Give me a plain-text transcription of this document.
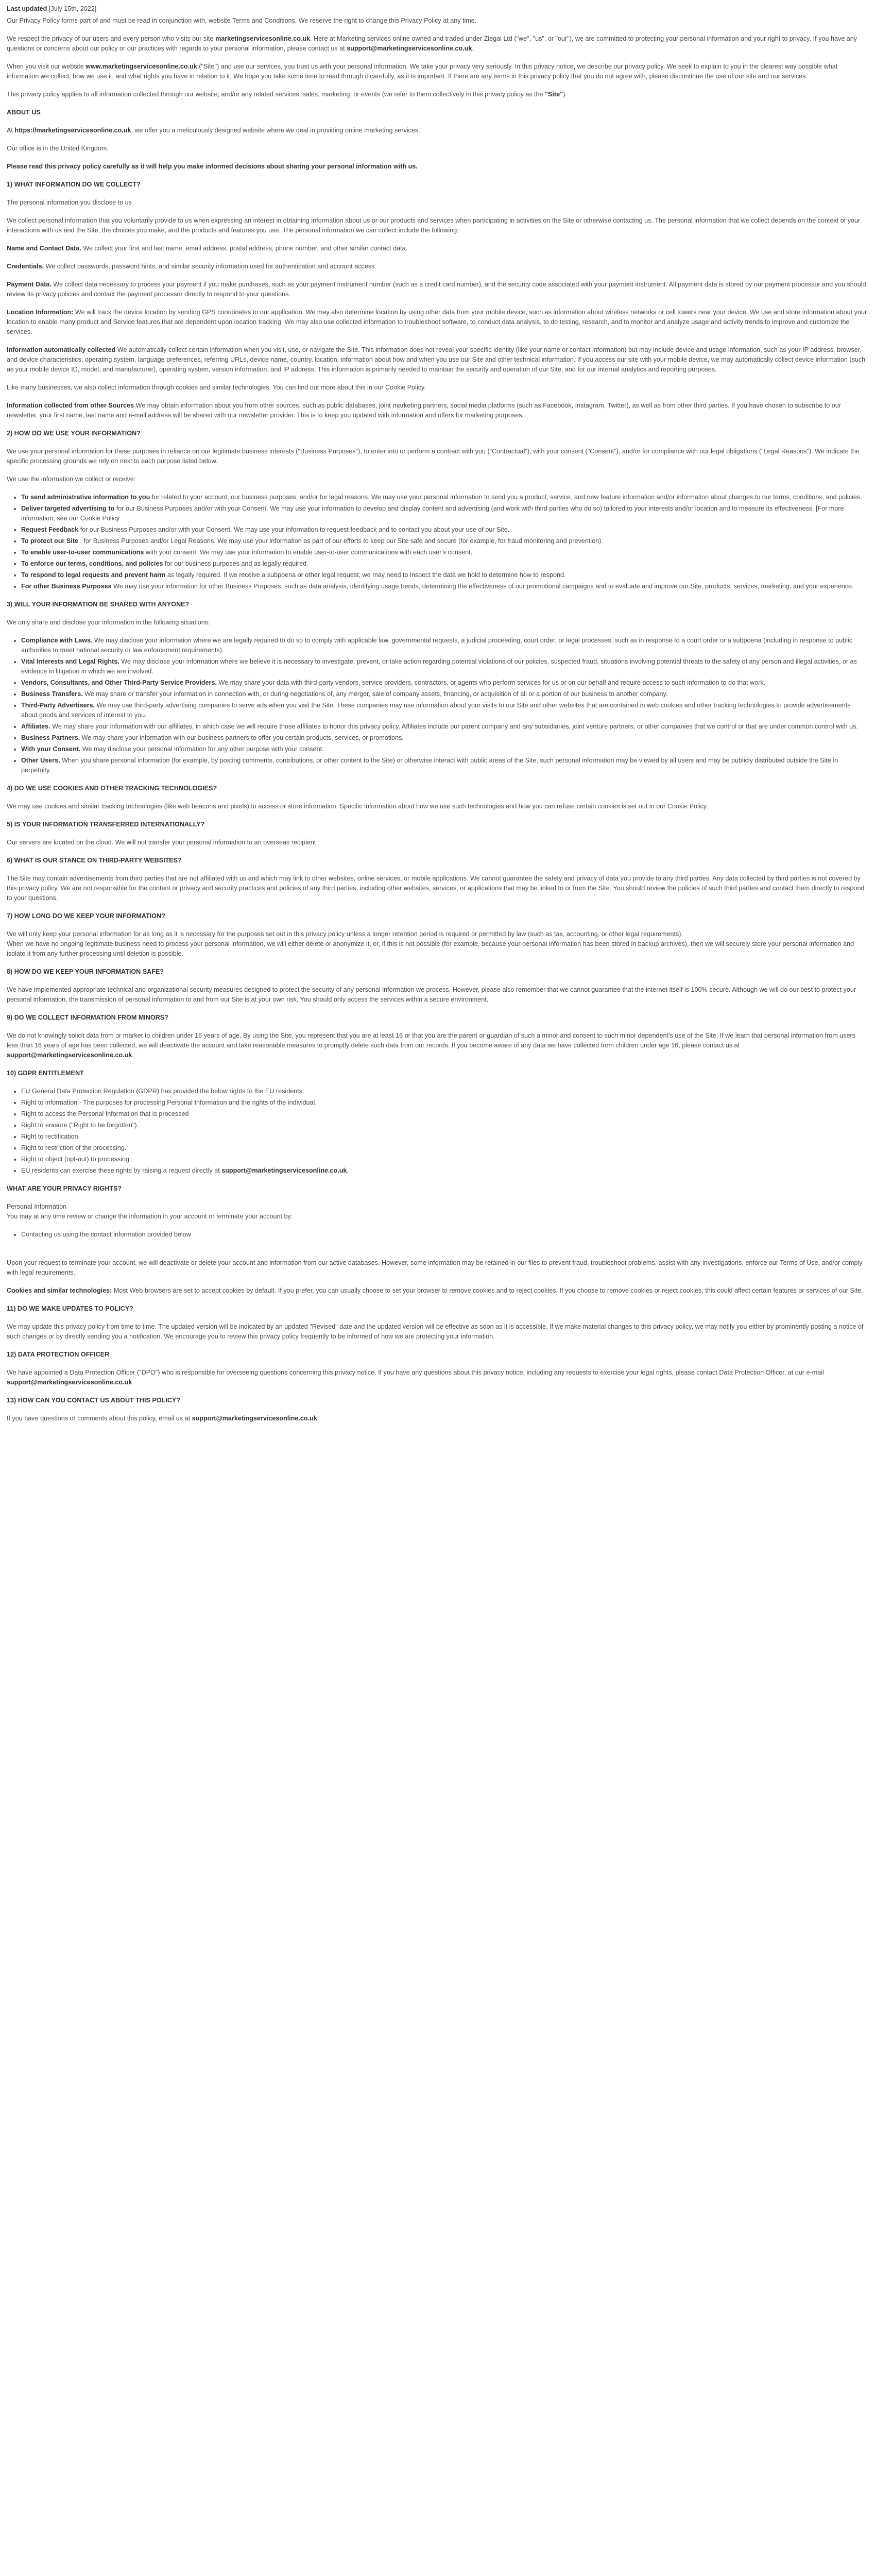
Last updated [July 15th, 2022]

Our Privacy Policy forms part of and must be read in conjunction with, website Terms and Conditions. We reserve the right to change this Privacy Policy at any time.

We respect the privacy of our users and every person who visits our site marketingservicesonline.co.uk. Here at Marketing services online owned and traded under Ziegal Ltd ("we", "us", or "our"), we are committed to protecting your personal information and your right to privacy. If you have any questions or concerns about our policy or our practices with regards to your personal information, please contact us at support@marketingservicesonline.co.uk.

When you visit our website www.marketingservicesonline.co.uk ("Site") and use our services, you trust us with your personal information. We take your privacy very seriously. In this privacy notice, we describe our privacy policy. We seek to explain to you in the clearest way possible what information we collect, how we use it, and what rights you have in relation to it. We hope you take some time to read through it carefully, as it is important. If there are any terms in this privacy policy that you do not agree with, please discontinue the use of our site and our services.

This privacy policy applies to all information collected through our website, and/or any related services, sales, marketing, or events (we refer to them collectively in this privacy policy as the "Site").

ABOUT US

At https://marketingservicesonline.co.uk, we offer you a meticulously designed website where we deal in providing online marketing services.

Our office is in the United Kingdom.

Please read this privacy policy carefully as it will help you make informed decisions about sharing your personal information with us.

1) WHAT INFORMATION DO WE COLLECT?

The personal information you disclose to us

We collect personal information that you voluntarily provide to us when expressing an interest in obtaining information about us or our products and services when participating in activities on the Site or otherwise contacting us. The personal information that we collect depends on the context of your interactions with us and the Site, the choices you make, and the products and features you use. The personal information we can collect include the following:

Name and Contact Data. We collect your first and last name, email address, postal address, phone number, and other similar contact data.

Credentials. We collect passwords, password hints, and similar security information used for authentication and account access.

Payment Data. We collect data necessary to process your payment if you make purchases, such as your payment instrument number (such as a credit card number), and the security code associated with your payment instrument. All payment data is stored by our payment processor and you should review its privacy policies and contact the payment processor directly to respond to your questions.

Location Information: We will track the device location by sending GPS coordinates to our application. We may also determine location by using other data from your mobile device, such as information about wireless networks or cell towers near your device. We use and store information about your location to enable many product and Service features that are dependent upon location tracking. We may also use collected information to troubleshoot software, to conduct data analysis, to do testing, research, and to monitor and analyze usage and activity trends to improve and customize the services.

Information automatically collected We automatically collect certain information when you visit, use, or navigate the Site. This information does not reveal your specific identity (like your name or contact information) but may include device and usage information, such as your IP address, browser, and device characteristics, operating system, language preferences, referring URLs, device name, country, location, information about how and when you use our Site and other technical information. If you access our site with your mobile device, we may automatically collect device information (such as your mobile device ID, model, and manufacturer), operating system, version information, and IP address. This information is primarily needed to maintain the security and operation of our Site, and for our internal analytics and reporting purposes.

Like many businesses, we also collect information through cookies and similar technologies. You can find out more about this in our Cookie Policy.

Information collected from other Sources We may obtain information about you from other sources, such as public databases, joint marketing partners, social media platforms (such as Facebook, Instagram, Twitter), as well as from other third parties. If you have chosen to subscribe to our newsletter, your first name, last name and e-mail address will be shared with our newsletter provider. This is to keep you updated with information and offers for marketing purposes.

2) HOW DO WE USE YOUR INFORMATION?

We use your personal information for these purposes in reliance on our legitimate business interests ("Business Purposes"), to enter into or perform a contract with you ("Contractual"), with your consent ("Consent"), and/or for compliance with our legal obligations ("Legal Reasons"). We indicate the specific processing grounds we rely on next to each purpose listed below.

We use the information we collect or receive:

• To send administrative information to you for related to your account, our business purposes, and/or for legal reasons. We may use your personal information to send you a product, service, and new feature information and/or information about changes to our terms, conditions, and policies.
• Deliver targeted advertising to for our Business Purposes and/or with your Consent. We may use your information to develop and display content and advertising (and work with third parties who do so) tailored to your interests and/or location and to measure its effectiveness. [For more information, see our Cookie Policy
• Request Feedback for our Business Purposes and/or with your Consent. We may use your information to request feedback and to contact you about your use of our Site.
• To protect our Site , for Business Purposes and/or Legal Reasons. We may use your information as part of our efforts to keep our Site safe and secure (for example, for fraud monitoring and prevention).
• To enable user-to-user communications with your consent. We may use your information to enable user-to-user communications with each user's consent.
• To enforce our terms, conditions, and policies for our business purposes and as legally required.
• To respond to legal requests and prevent harm as legally required. If we receive a subpoena or other legal request, we may need to inspect the data we hold to determine how to respond.
• For other Business Purposes We may use your information for other Business Purposes, such as data analysis, identifying usage trends, determining the effectiveness of our promotional campaigns and to evaluate and improve our Site, products, services, marketing, and your experience.
3) WILL YOUR INFORMATION BE SHARED WITH ANYONE?

We only share and disclose your information in the following situations:

• Compliance with Laws. We may disclose your information where we are legally required to do so to comply with applicable law, governmental requests, a judicial proceeding, court order, or legal processes, such as in response to a court order or a subpoena (including in response to public authorities to meet national security or law enforcement requirements).
• Vital Interests and Legal Rights. We may disclose your information where we believe it is necessary to investigate, prevent, or take action regarding potential violations of our policies, suspected fraud, situations involving potential threats to the safety of any person and illegal activities, or as evidence in litigation in which we are involved.
• Vendors, Consultants, and Other Third-Party Service Providers. We may share your data with third-party vendors, service providers, contractors, or agents who perform services for us or on our behalf and require access to such information to do that work.
• Business Transfers. We may share or transfer your information in connection with, or during negotiations of, any merger, sale of company assets, financing, or acquisition of all or a portion of our business to another company.
• Third-Party Advertisers. We may use third-party advertising companies to serve ads when you visit the Site. These companies may use information about your visits to our Site and other websites that are contained in web cookies and other tracking technologies to provide advertisements about goods and services of interest to you.
• Affiliates. We may share your information with our affiliates, in which case we will require those affiliates to honor this privacy policy. Affiliates include our parent company and any subsidiaries, joint venture partners, or other companies that we control or that are under common control with us.
• Business Partners. We may share your information with our business partners to offer you certain products, services, or promotions.
• With your Consent. We may disclose your personal information for any other purpose with your consent.
• Other Users. When you share personal information (for example, by posting comments, contributions, or other content to the Site) or otherwise interact with public areas of the Site, such personal information may be viewed by all users and may be publicly distributed outside the Site in perpetuity.
4) DO WE USE COOKIES AND OTHER TRACKING TECHNOLOGIES?

We may use cookies and similar tracking technologies (like web beacons and pixels) to access or store information. Specific information about how we use such technologies and how you can refuse certain cookies is set out in our Cookie Policy.

5) IS YOUR INFORMATION TRANSFERRED INTERNATIONALLY?

Our servers are located on the cloud. We will not transfer your personal information to an overseas recipient

6) WHAT IS OUR STANCE ON THIRD-PARTY WEBSITES?

The Site may contain advertisements from third parties that are not affiliated with us and which may link to other websites, online services, or mobile applications. We cannot guarantee the safety and privacy of data you provide to any third parties. Any data collected by third parties is not covered by this privacy policy. We are not responsible for the content or privacy and security practices and policies of any third parties, including other websites, services, or applications that may be linked to or from the Site. You should review the policies of such third parties and contact them directly to respond to your questions.

7) HOW LONG DO WE KEEP YOUR INFORMATION?

We will only keep your personal information for as long as it is necessary for the purposes set out in this privacy policy unless a longer retention period is required or permitted by law (such as tax, accounting, or other legal requirements).

When we have no ongoing legitimate business need to process your personal information, we will either delete or anonymize it, or, if this is not possible (for example, because your personal information has been stored in backup archives), then we will securely store your personal information and isolate it from any further processing until deletion is possible.

8) HOW DO WE KEEP YOUR INFORMATION SAFE?

We have implemented appropriate technical and organizational security measures designed to protect the security of any personal information we process. However, please also remember that we cannot guarantee that the internet itself is 100% secure. Although we will do our best to protect your personal information, the transmission of personal information to and from our Site is at your own risk. You should only access the services within a secure environment.

9) DO WE COLLECT INFORMATION FROM MINORS?

We do not knowingly solicit data from or market to children under 16 years of age. By using the Site, you represent that you are at least 16 or that you are the parent or guardian of such a minor and consent to such minor dependent's use of the Site. If we learn that personal information from users less than 16 years of age has been collected, we will deactivate the account and take reasonable measures to promptly delete such data from our records. If you become aware of any data we have collected from children under age 16, please contact us at support@marketingservicesonline.co.uk.

10) GDPR ENTITLEMENT
• EU General Data Protection Regulation (GDPR) has provided the below rights to the EU residents:
• Right to information - The purposes for processing Personal Information and the rights of the individual.
• Right to access the Personal Information that is processed
• Right to erasure ("Right to be forgotten").
• Right to rectification.
• Right to restriction of the processing.
• Right to object (opt-out) to processing.
• EU residents can exercise these rights by raising a request directly at support@marketingservicesonline.co.uk.
WHAT ARE YOUR PRIVACY RIGHTS?
Personal Information

You may at any time review or change the information in your account or terminate your account by:

• Contacting us using the contact information provided below

Upon your request to terminate your account, we will deactivate or delete your account and information from our active databases. However, some information may be retained in our files to prevent fraud, troubleshoot problems, assist with any investigations, enforce our Terms of Use, and/or comply with legal requirements.

Cookies and similar technologies: Most Web browsers are set to accept cookies by default. If you prefer, you can usually choose to set your browser to remove cookies and to reject cookies. If you choose to remove cookies or reject cookies, this could affect certain features or services of our Site.

11) DO WE MAKE UPDATES TO POLICY?

We may update this privacy policy from time to time. The updated version will be indicated by an updated "Revised" date and the updated version will be effective as soon as it is accessible. If we make material changes to this privacy policy, we may notify you either by prominently posting a notice of such changes or by directly sending you a notification. We encourage you to review this privacy policy frequently to be informed of how we are protecting your information.

12) DATA PROTECTION OFFICER

We have appointed a Data Protection Officer ("DPO") who is responsible for overseeing questions concerning this privacy notice. If you have any questions about this privacy notice, including any requests to exercise your legal rights, please contact Data Protection Officer, at our e-mail
support@marketingservicesonline.co.uk

13) HOW CAN YOU CONTACT US ABOUT THIS POLICY?

If you have questions or comments about this policy, email us at support@marketingservicesonline.co.uk.
